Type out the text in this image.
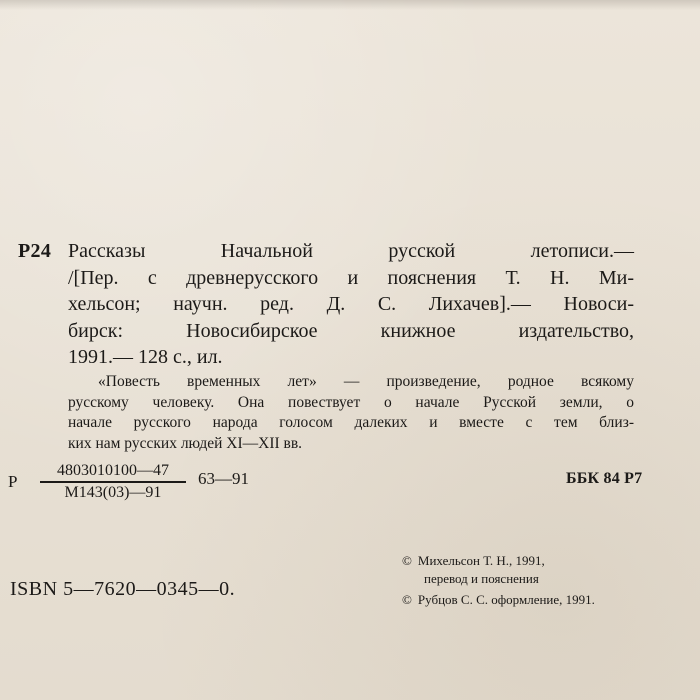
Р24 Рассказы Начальной русской летописи.—
/[Пер. с древнерусского и пояснения Т. Н. Ми-
хельсон; научн. ред. Д. С. Лихачев].— Новоси-
бирск: Новосибирское книжное издательство,
1991.— 128 с., ил.
«Повесть временных лет» — произведение, родное всякому
русскому человеку. Она повествует о начале Русской земли, о
начале русского народа голосом далеких и вместе с тем близ-
ких нам русских людей XI—XII вв.
Р
4803010100—47
М143(03)—91
63—91	ББК 84 Р7
ISBN 5—7620—0345—0.
© Михельсон Т. Н., 1991,
перевод и пояснения
© Рубцов С. С. оформление, 1991.
